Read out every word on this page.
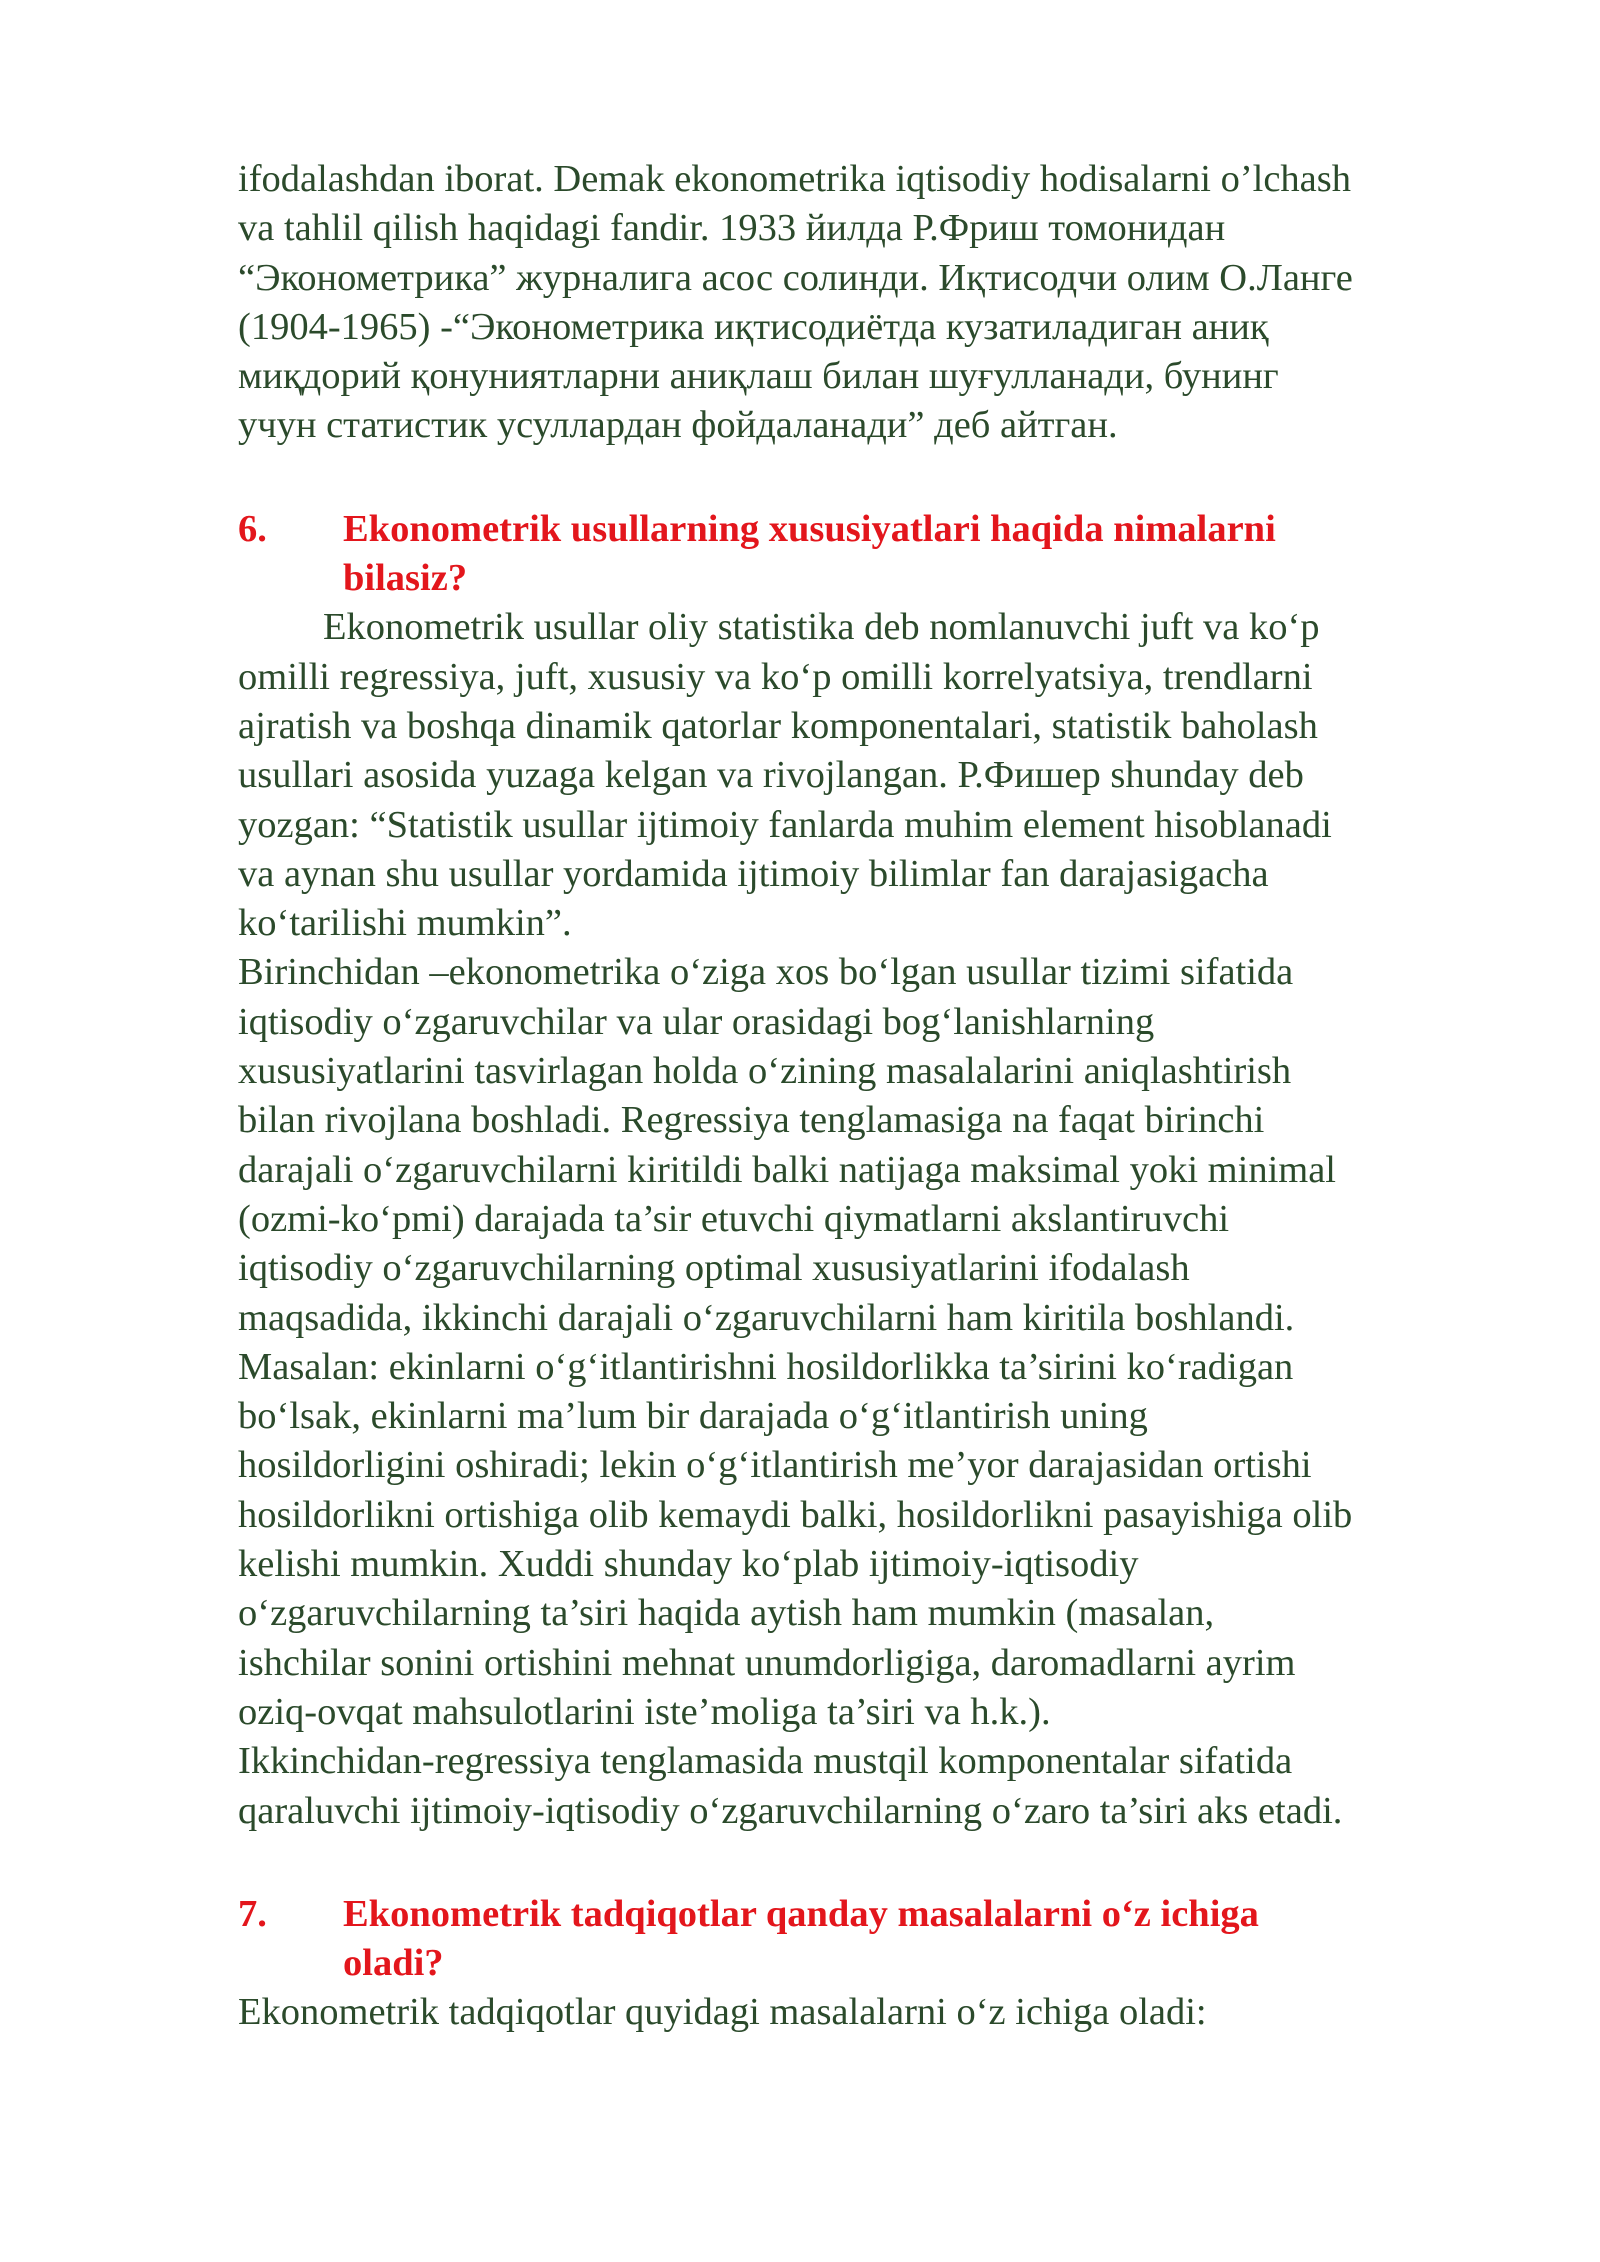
ifodalashdan iborat. Demak ekonometrika iqtisodiy hodisalarni o’lchash
va tahlil qilish haqidagi fandir. 1933 йилда Р.Фриш томонидан
“Эконометрика” журналига асос солинди. Иқтисодчи олим О.Ланге
(1904-1965) -“Эконометрика иқтисодиётда кузатиладиган аниқ
миқдорий қонуниятларни аниқлаш билан шуғулланади, бунинг
учун статистик усуллардан фойдаланади” деб айтган.

6.	Ekonometrik usullarning xususiyatlari haqida nimalarni
bilasiz?

Ekonometrik usullar oliy statistika deb nomlanuvchi juft va ko‘p
omilli regressiya, juft, xususiy va ko‘p omilli korrelyatsiya, trendlarni
ajratish va boshqa dinamik qatorlar komponentalari, statistik baholash
usullari asosida yuzaga kelgan va rivojlangan. Р.Фишер shunday deb
yozgan: “Statistik usullar ijtimoiy fanlarda muhim element hisoblanadi
va aynan shu usullar yordamida ijtimoiy bilimlar fan darajasigacha
ko‘tarilishi mumkin”.

Birinchidan –ekonometrika o‘ziga xos bo‘lgan usullar tizimi sifatida
iqtisodiy o‘zgaruvchilar va ular orasidagi bog‘lanishlarning
xususiyatlarini tasvirlagan holda o‘zining masalalarini aniqlashtirish
bilan rivojlana boshladi. Regressiya tenglamasiga na faqat birinchi
darajali o‘zgaruvchilarni kiritildi balki natijaga maksimal yoki minimal
(ozmi-ko‘pmi) darajada ta’sir etuvchi qiymatlarni akslantiruvchi
iqtisodiy o‘zgaruvchilarning optimal xususiyatlarini ifodalash
maqsadida, ikkinchi darajali o‘zgaruvchilarni ham kiritila boshlandi.
Masalan: ekinlarni o‘g‘itlantirishni hosildorlikka ta’sirini ko‘radigan
bo‘lsak, ekinlarni ma’lum bir darajada o‘g‘itlantirish uning
hosildorligini oshiradi; lekin o‘g‘itlantirish me’yor darajasidan ortishi
hosildorlikni ortishiga olib kemaydi balki, hosildorlikni pasayishiga olib
kelishi mumkin. Xuddi shunday ko‘plab ijtimoiy-iqtisodiy
o‘zgaruvchilarning ta’siri haqida aytish ham mumkin (masalan,
ishchilar sonini ortishini mehnat unumdorligiga, daromadlarni ayrim
oziq-ovqat mahsulotlarini iste’moliga ta’siri va h.k.).

Ikkinchidan-regressiya tenglamasida mustqil komponentalar sifatida
qaraluvchi ijtimoiy-iqtisodiy o‘zgaruvchilarning o‘zaro ta’siri aks etadi.

7.	Ekonometrik tadqiqotlar qanday masalalarni o‘z ichiga
oladi?

Ekonometrik tadqiqotlar quyidagi masalalarni o‘z ichiga oladi:
